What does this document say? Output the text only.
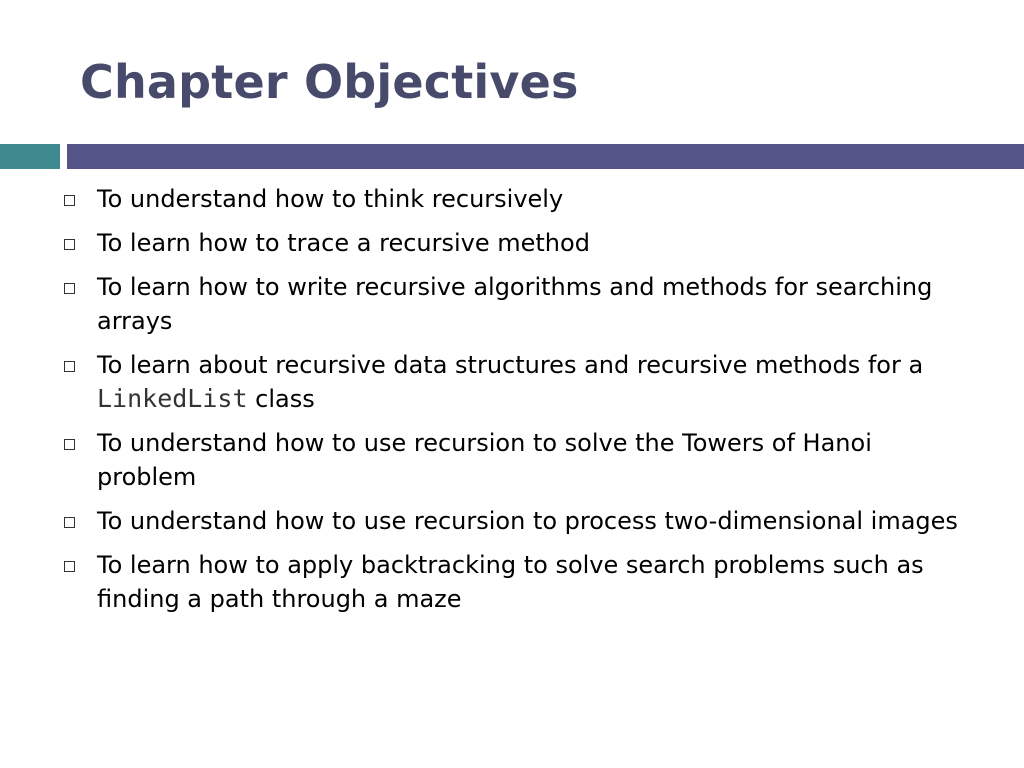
Chapter Objectives
To understand how to think recursively
To learn how to trace a recursive method
To learn how to write recursive algorithms and methods for searching arrays
To learn about recursive data structures and recursive methods for a LinkedList class
To understand how to use recursion to solve the Towers of Hanoi problem
To understand how to use recursion to process two-dimensional images
To learn how to apply backtracking to solve search problems such as finding a path through a maze
